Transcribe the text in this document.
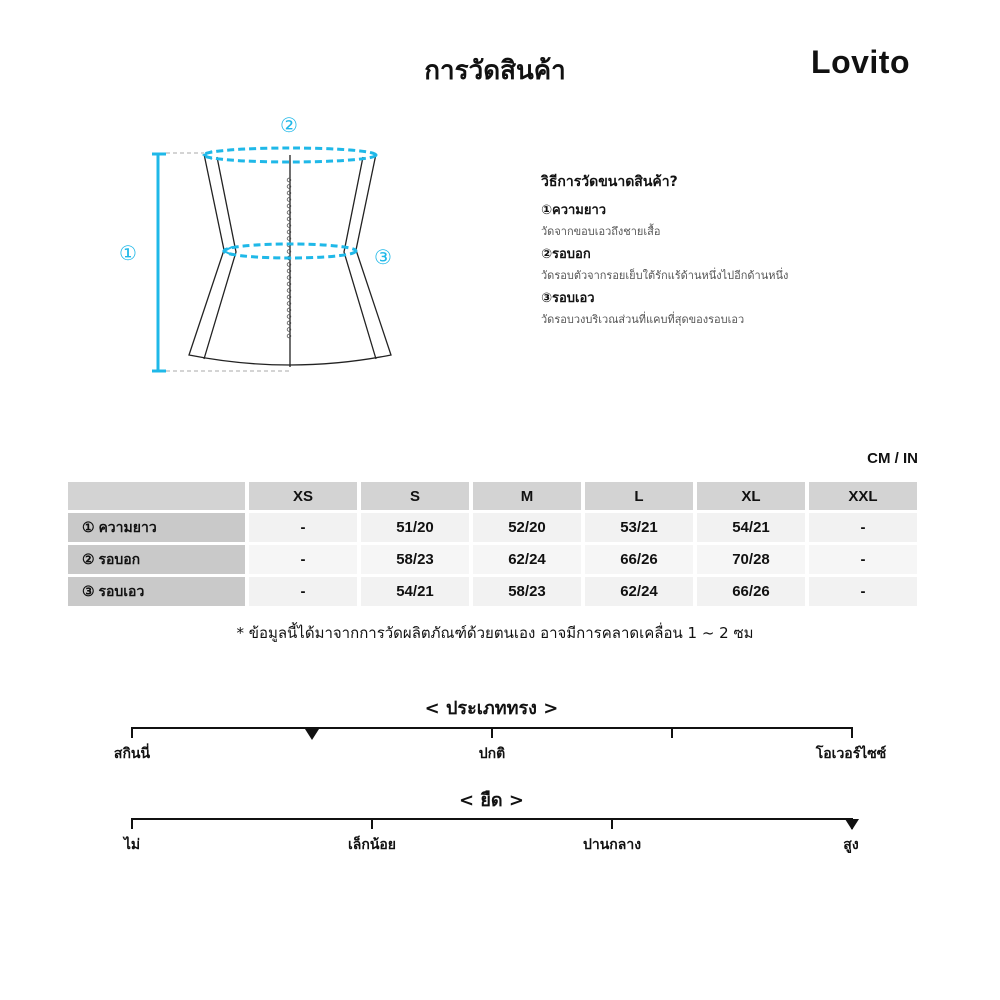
การวัดสินค้า	Lovito
①
②
③
วิธีการวัดขนาดสินค้า?
①ความยาว
วัดจากขอบเอวถึงชายเสื้อ
②รอบอก
วัดรอบตัวจากรอยเย็บใต้รักแร้ด้านหนึ่งไปอีกด้านหนึ่ง
③รอบเอว
วัดรอบวงบริเวณส่วนที่แคบที่สุดของรอบเอว
CM / IN
	XS	S	M	L	XL	XXL
① ความยาว	-	51/20	52/20	53/21	54/21	-
② รอบอก	-	58/23	62/24	66/26	70/28	-
③ รอบเอว	-	54/21	58/23	62/24	66/26	-
* ข้อมูลนี้ได้มาจากการวัดผลิตภัณฑ์ด้วยตนเอง อาจมีการคลาดเคลื่อน 1 ~ 2 ซม
< ประเภททรง >
สกินนี่	ปกติ	โอเวอร์ไซซ์
< ยืด >
ไม่	เล็กน้อย	ปานกลาง	สูง
